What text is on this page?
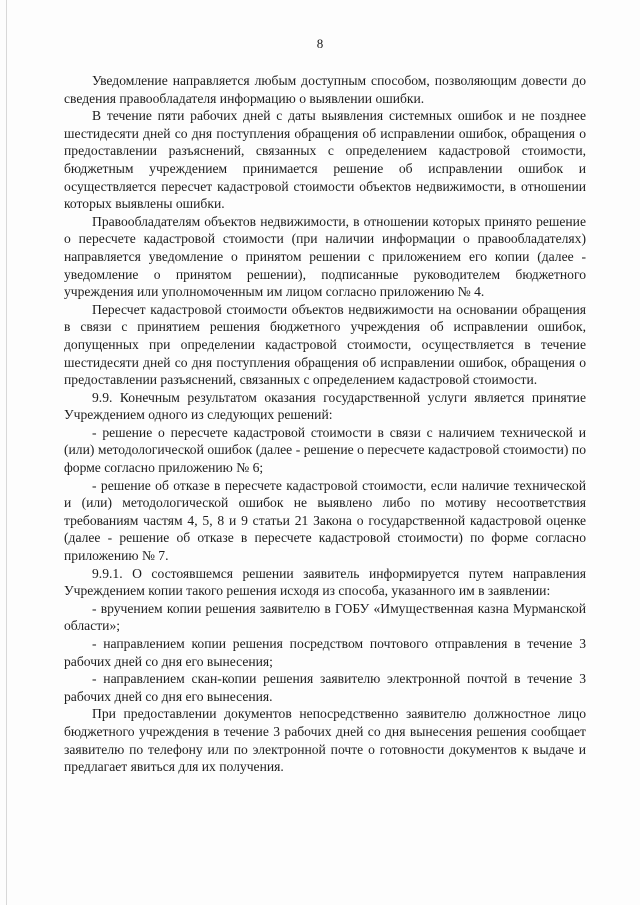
8

Уведомление направляется любым доступным способом, позволяющим довести до сведения правообладателя информацию о выявлении ошибки.

В течение пяти рабочих дней с даты выявления системных ошибок и не позднее шестидесяти дней со дня поступления обращения об исправлении ошибок, обращения о предоставлении разъяснений, связанных с определением кадастровой стоимости, бюджетным учреждением принимается решение об исправлении ошибок и осуществляется пересчет кадастровой стоимости объектов недвижимости, в отношении которых выявлены ошибки.

Правообладателям объектов недвижимости, в отношении которых принято решение о пересчете кадастровой стоимости (при наличии информации о правообладателях) направляется уведомление о принятом решении с приложением его копии (далее - уведомление о принятом решении), подписанные руководителем бюджетного учреждения или уполномоченным им лицом согласно приложению № 4.

Пересчет кадастровой стоимости объектов недвижимости на основании обращения в связи с принятием решения бюджетного учреждения об исправлении ошибок, допущенных при определении кадастровой стоимости, осуществляется в течение шестидесяти дней со дня поступления обращения об исправлении ошибок, обращения о предоставлении разъяснений, связанных с определением кадастровой стоимости.

9.9. Конечным результатом оказания государственной услуги является принятие Учреждением одного из следующих решений:

- решение о пересчете кадастровой стоимости в связи с наличием технической и (или) методологической ошибок (далее - решение о пересчете кадастровой стоимости) по форме согласно приложению № 6;

- решение об отказе в пересчете кадастровой стоимости, если наличие технической и (или) методологической ошибок не выявлено либо по мотиву несоответствия требованиям частям 4, 5, 8 и 9 статьи 21 Закона о государственной кадастровой оценке (далее - решение об отказе в пересчете кадастровой стоимости) по форме согласно приложению № 7.

9.9.1. О состоявшемся решении заявитель информируется путем направления Учреждением копии такого решения исходя из способа, указанного им в заявлении:

- вручением копии решения заявителю в ГОБУ «Имущественная казна Мурманской области»;

- направлением копии решения посредством почтового отправления в течение 3 рабочих дней со дня его вынесения;

- направлением скан-копии решения заявителю электронной почтой в течение 3 рабочих дней со дня его вынесения.

При предоставлении документов непосредственно заявителю должностное лицо бюджетного учреждения в течение 3 рабочих дней со дня вынесения решения сообщает заявителю по телефону или по электронной почте о готовности документов к выдаче и предлагает явиться для их получения.
